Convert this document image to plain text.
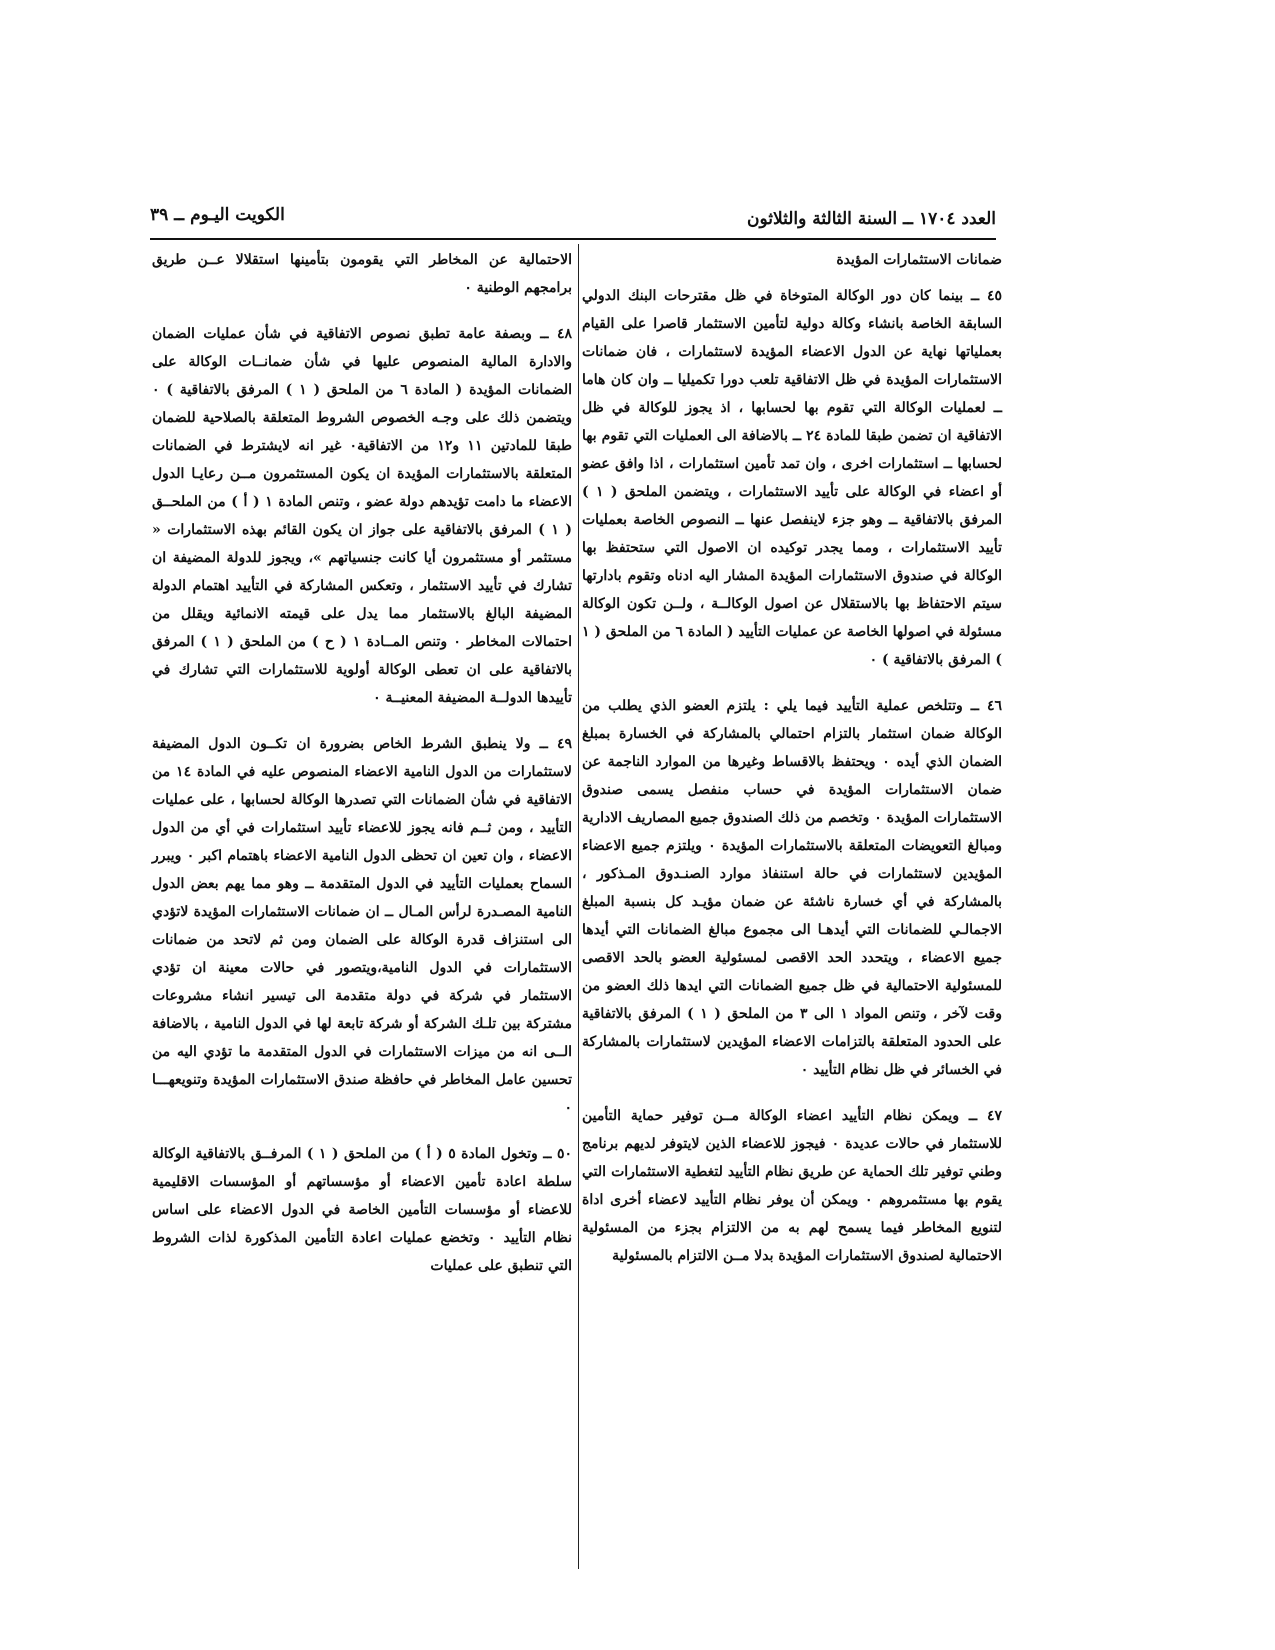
العدد ١٧٠٤ ــ السنة الثالثة والثلاثون
الكويت اليـوم ــ ٣٩
ضمانات الاستثمارات المؤيدة

٤٥ ــ بينما كان دور الوكالة المتوخاة في ظل مقترحات البنك الدولي السابقة الخاصة بانشاء وكالة دولية لتأمين الاستثمار قاصرا على القيام بعملياتها نهاية عن الدول الاعضاء المؤيدة لاستثمارات ، فان ضمانات الاستثمارات المؤيدة في ظل الاتفاقية تلعب دورا تكميليا ــ وان كان هاما ــ لعمليات الوكالة التي تقوم بها لحسابها ، اذ يجوز للوكالة في ظل الاتفاقية ان تضمن طبقا للمادة ٢٤ ــ بالاضافة الى العمليات التي تقوم بها لحسابها ــ استثمارات اخرى ، وان تمد تأمين استثمارات ، اذا وافق عضو أو اعضاء في الوكالة على تأييد الاستثمارات ، ويتضمن الملحق ( ١ ) المرفق بالاتفاقية ــ وهو جزء لاينفصل عنها ــ النصوص الخاصة بعمليات تأييد الاستثمارات ، ومما يجدر توكيده ان الاصول التي ستحتفظ بها الوكالة في صندوق الاستثمارات المؤيدة المشار اليه ادناه وتقوم بادارتها سيتم الاحتفاظ بها بالاستقلال عن اصول الوكالــة ، ولــن تكون الوكالة مسئولة في اصولها الخاصة عن عمليات التأييد ( المادة ٦ من الملحق ( ١ ) المرفق بالاتفاقية ) ٠

٤٦ ــ وتتلخص عملية التأييد فيما يلي : يلتزم العضو الذي يطلب من الوكالة ضمان استثمار بالتزام احتمالي بالمشاركة في الخسارة بمبلغ الضمان الذي أيده ٠ ويحتفظ بالاقساط وغيرها من الموارد الناجمة عن ضمان الاستثمارات المؤيدة في حساب منفصل يسمى صندوق الاستثمارات المؤيدة ٠ وتخصم من ذلك الصندوق جميع المصاريف الادارية ومبالغ التعويضات المتعلقة بالاستثمارات المؤيدة ٠ ويلتزم جميع الاعضاء المؤيدين لاستثمارات في حالة استنفاذ موارد الصنـدوق المـذكور ، بالمشاركة في أي خسارة ناشئة عن ضمان مؤيـد كل بنسبة المبلغ الاجمالـي للضمانات التي أيدهـا الى مجموع مبالغ الضمانات التي أيدها جميع الاعضاء ، ويتحدد الحد الاقصى لمسئولية العضو بالحد الاقصى للمسئولية الاحتمالية في ظل جميع الضمانات التي ايدها ذلك العضو من وقت لآخر ، وتنص المواد ١ الى ٣ من الملحق ( ١ ) المرفق بالاتفاقية على الحدود المتعلقة بالتزامات الاعضاء المؤيدين لاستثمارات بالمشاركة في الخسائر في ظل نظام التأييد ٠

٤٧ ــ ويمكن نظام التأييد اعضاء الوكالة مــن توفير حماية التأمين للاستثمار في حالات عديدة ٠ فيجوز للاعضاء الذين لايتوفر لديهم برنامج وطني توفير تلك الحماية عن طريق نظام التأييد لتغطية الاستثمارات التي يقوم بها مستثمروهم ٠ ويمكن أن يوفر نظام التأييد لاعضاء أخرى اداة لتنويع المخاطر فيما يسمح لهم به من الالتزام بجزء من المسئولية الاحتمالية لصندوق الاستثمارات المؤيدة بدلا مــن الالتزام بالمسئولية

الاحتمالية عن المخاطر التي يقومون بتأمينها استقلالا عــن طريق برامجهم الوطنية ٠

٤٨ ــ وبصفة عامة تطبق نصوص الاتفاقية في شأن عمليات الضمان والادارة المالية المنصوص عليها في شأن ضمانــات الوكالة على الضمانات المؤيدة ( المادة ٦ من الملحق ( ١ ) المرفق بالاتفاقية ) ٠ ويتضمن ذلك على وجـه الخصوص الشروط المتعلقة بالصلاحية للضمان طبقا للمادتين ١١ و١٢ من الاتفاقية٠ غير انه لايشترط في الضمانات المتعلقة بالاستثمارات المؤيدة ان يكون المستثمرون مــن رعايـا الدول الاعضاء ما دامت تؤيدهم دولة عضو ، وتنص المادة ١ ( أ ) من الملحــق ( ١ ) المرفق بالاتفاقية على جواز ان يكون القائم بهذه الاستثمارات « مستثمر أو مستثمرون أيا كانت جنسياتهم »، ويجوز للدولة المضيفة ان تشارك في تأييد الاستثمار ، وتعكس المشاركة في التأييد اهتمام الدولة المضيفة البالغ بالاستثمار مما يدل على قيمته الانمائية ويقلل من احتمالات المخاطر ٠ وتنص المــادة ١ ( ح ) من الملحق ( ١ ) المرفق بالاتفاقية على ان تعطى الوكالة أولوية للاستثمارات التي تشارك في تأييدها الدولــة المضيفة المعنيــة ٠

٤٩ ــ ولا ينطبق الشرط الخاص بضرورة ان تكــون الدول المضيفة لاستثمارات من الدول النامية الاعضاء المنصوص عليه في المادة ١٤ من الاتفاقية في شأن الضمانات التي تصدرها الوكالة لحسابها ، على عمليات التأييد ، ومن ثــم فانه يجوز للاعضاء تأييد استثمارات في أي من الدول الاعضاء ، وان تعين ان تحظى الدول النامية الاعضاء باهتمام اكبر ٠ ويبرر السماح بعمليات التأييد في الدول المتقدمة ــ وهو مما يهم بعض الدول النامية المصـدرة لرأس المـال ــ ان ضمانات الاستثمارات المؤيدة لاتؤدي الى استنزاف قدرة الوكالة على الضمان ومن ثم لاتحد من ضمانات الاستثمارات في الدول النامية،ويتصور في حالات معينة ان تؤدي الاستثمار في شركة في دولة متقدمة الى تيسير انشاء مشروعات مشتركة بين تلـك الشركة أو شركة تابعة لها في الدول النامية ، بالاضافة الــى انه من ميزات الاستثمارات في الدول المتقدمة ما تؤدي اليه من تحسين عامل المخاطر في حافظة صندق الاستثمارات المؤيدة وتنويعهـــا ٠

٥٠ ــ وتخول المادة ٥ ( أ ) من الملحق ( ١ ) المرفــق بالاتفاقية الوكالة سلطة اعادة تأمين الاعضاء أو مؤسساتهم أو المؤسسات الاقليمية للاعضاء أو مؤسسات التأمين الخاصة في الدول الاعضاء على اساس نظام التأييد ٠ وتخضع عمليات اعادة التأمين المذكورة لذات الشروط التي تنطبق على عمليات
